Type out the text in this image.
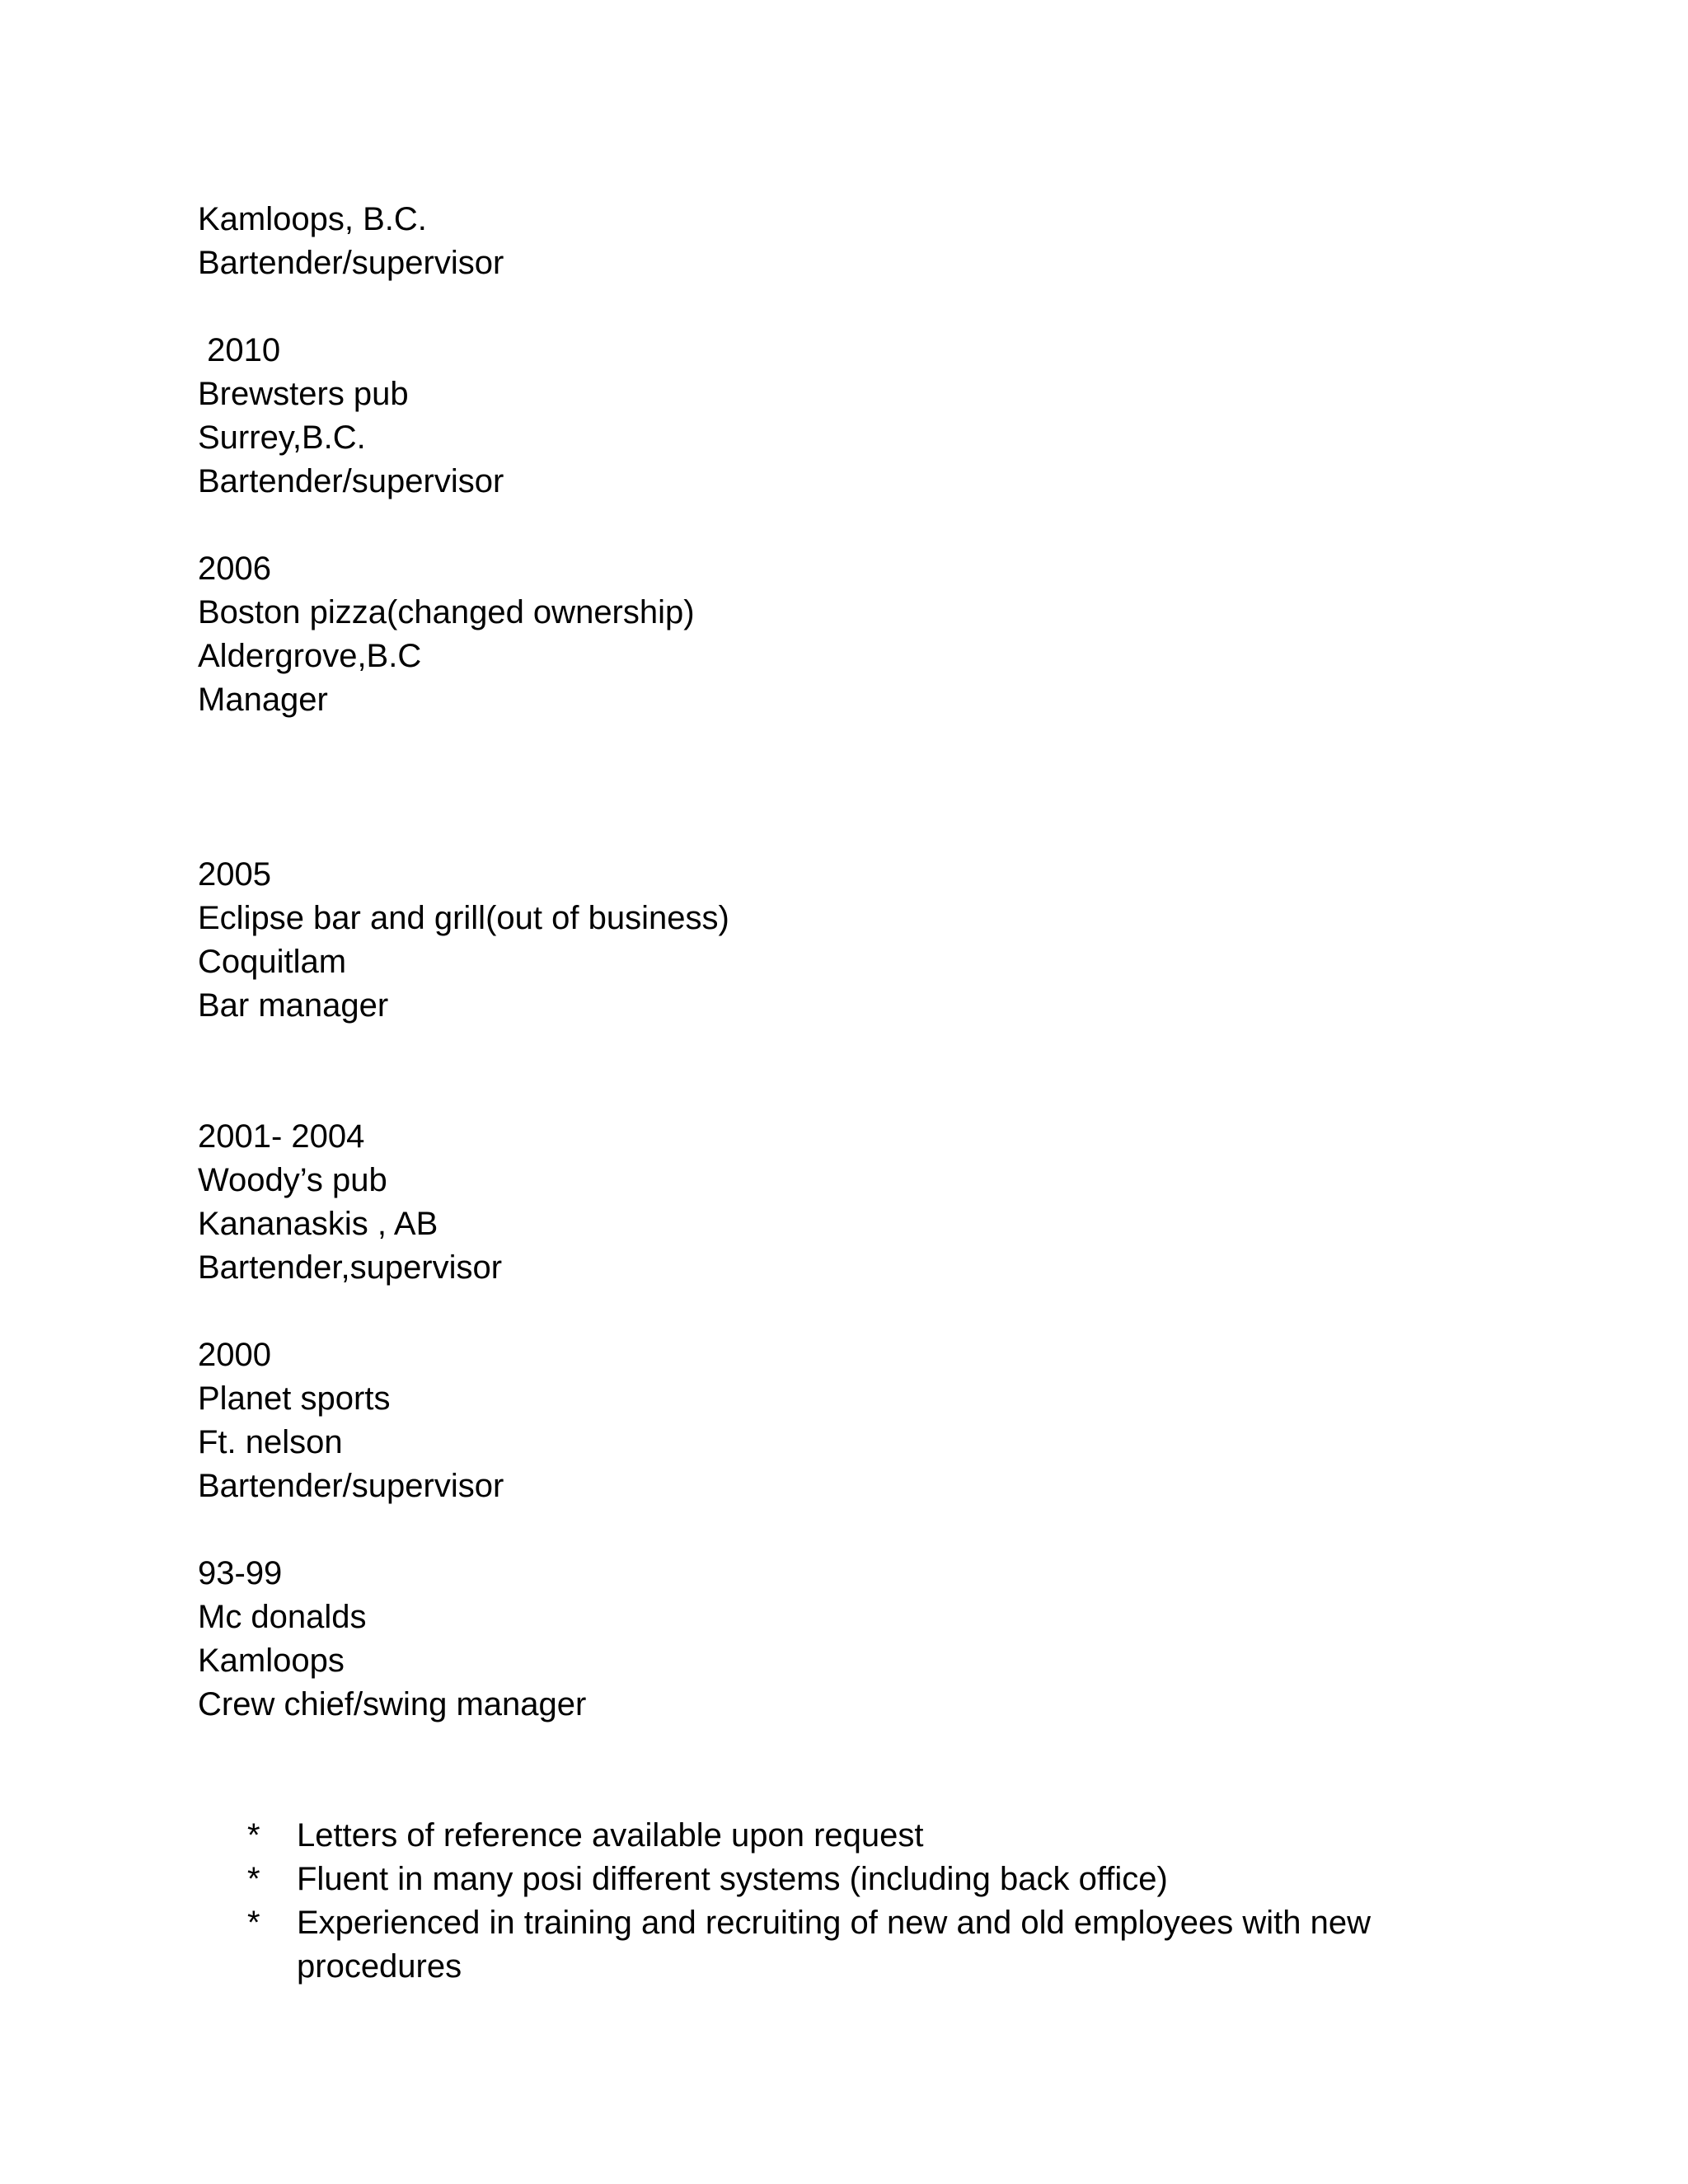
Kamloops, B.C.
Bartender/supervisor
2010
Brewsters pub
Surrey,B.C.
Bartender/supervisor
2006
Boston pizza(changed ownership)
Aldergrove,B.C
Manager
2005
Eclipse bar and grill(out of business)
Coquitlam
Bar manager
2001- 2004
Woody’s pub
Kananaskis , AB
Bartender,supervisor
2000
Planet sports
Ft. nelson
Bartender/supervisor
93-99
Mc donalds
Kamloops
Crew chief/swing manager
* Letters of reference available upon request
* Fluent in many posi different systems (including back office)
* Experienced in training and recruiting of new and old employees with new procedures
